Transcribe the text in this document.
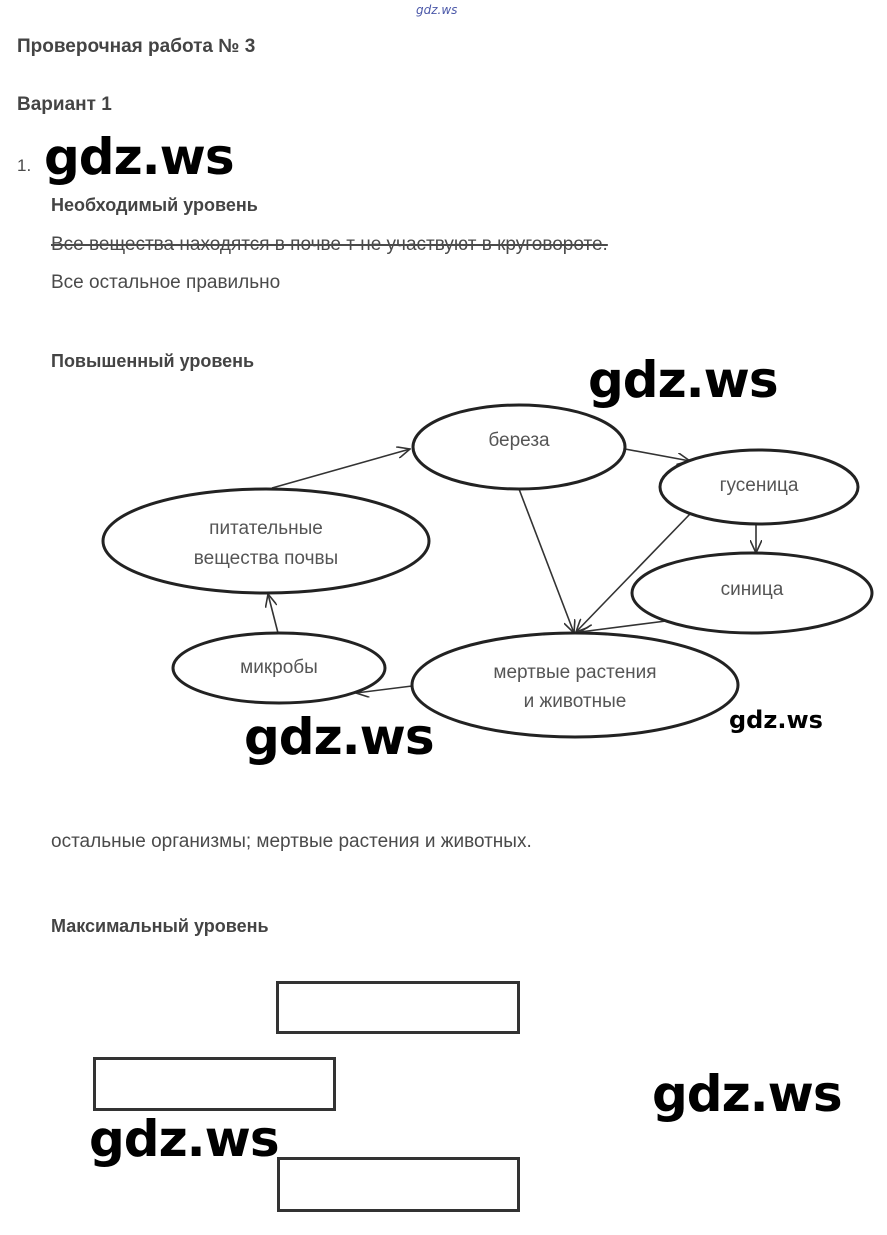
gdz.ws
Проверочная работа № 3
Вариант 1
1.
Необходимый уровень
Все вещества находятся в почве т не участвуют в круговороте.
Все остальное правильно
Повышенный уровень
береза
гусеница
питательные
вещества почвы
синица
микробы	мертвые растения
и животные
остальные организмы; мертвые растения и животных.
Максимальный уровень
gdz.ws
gdz.ws
gdz.ws	gdz.ws
gdz.ws
gdz.ws
